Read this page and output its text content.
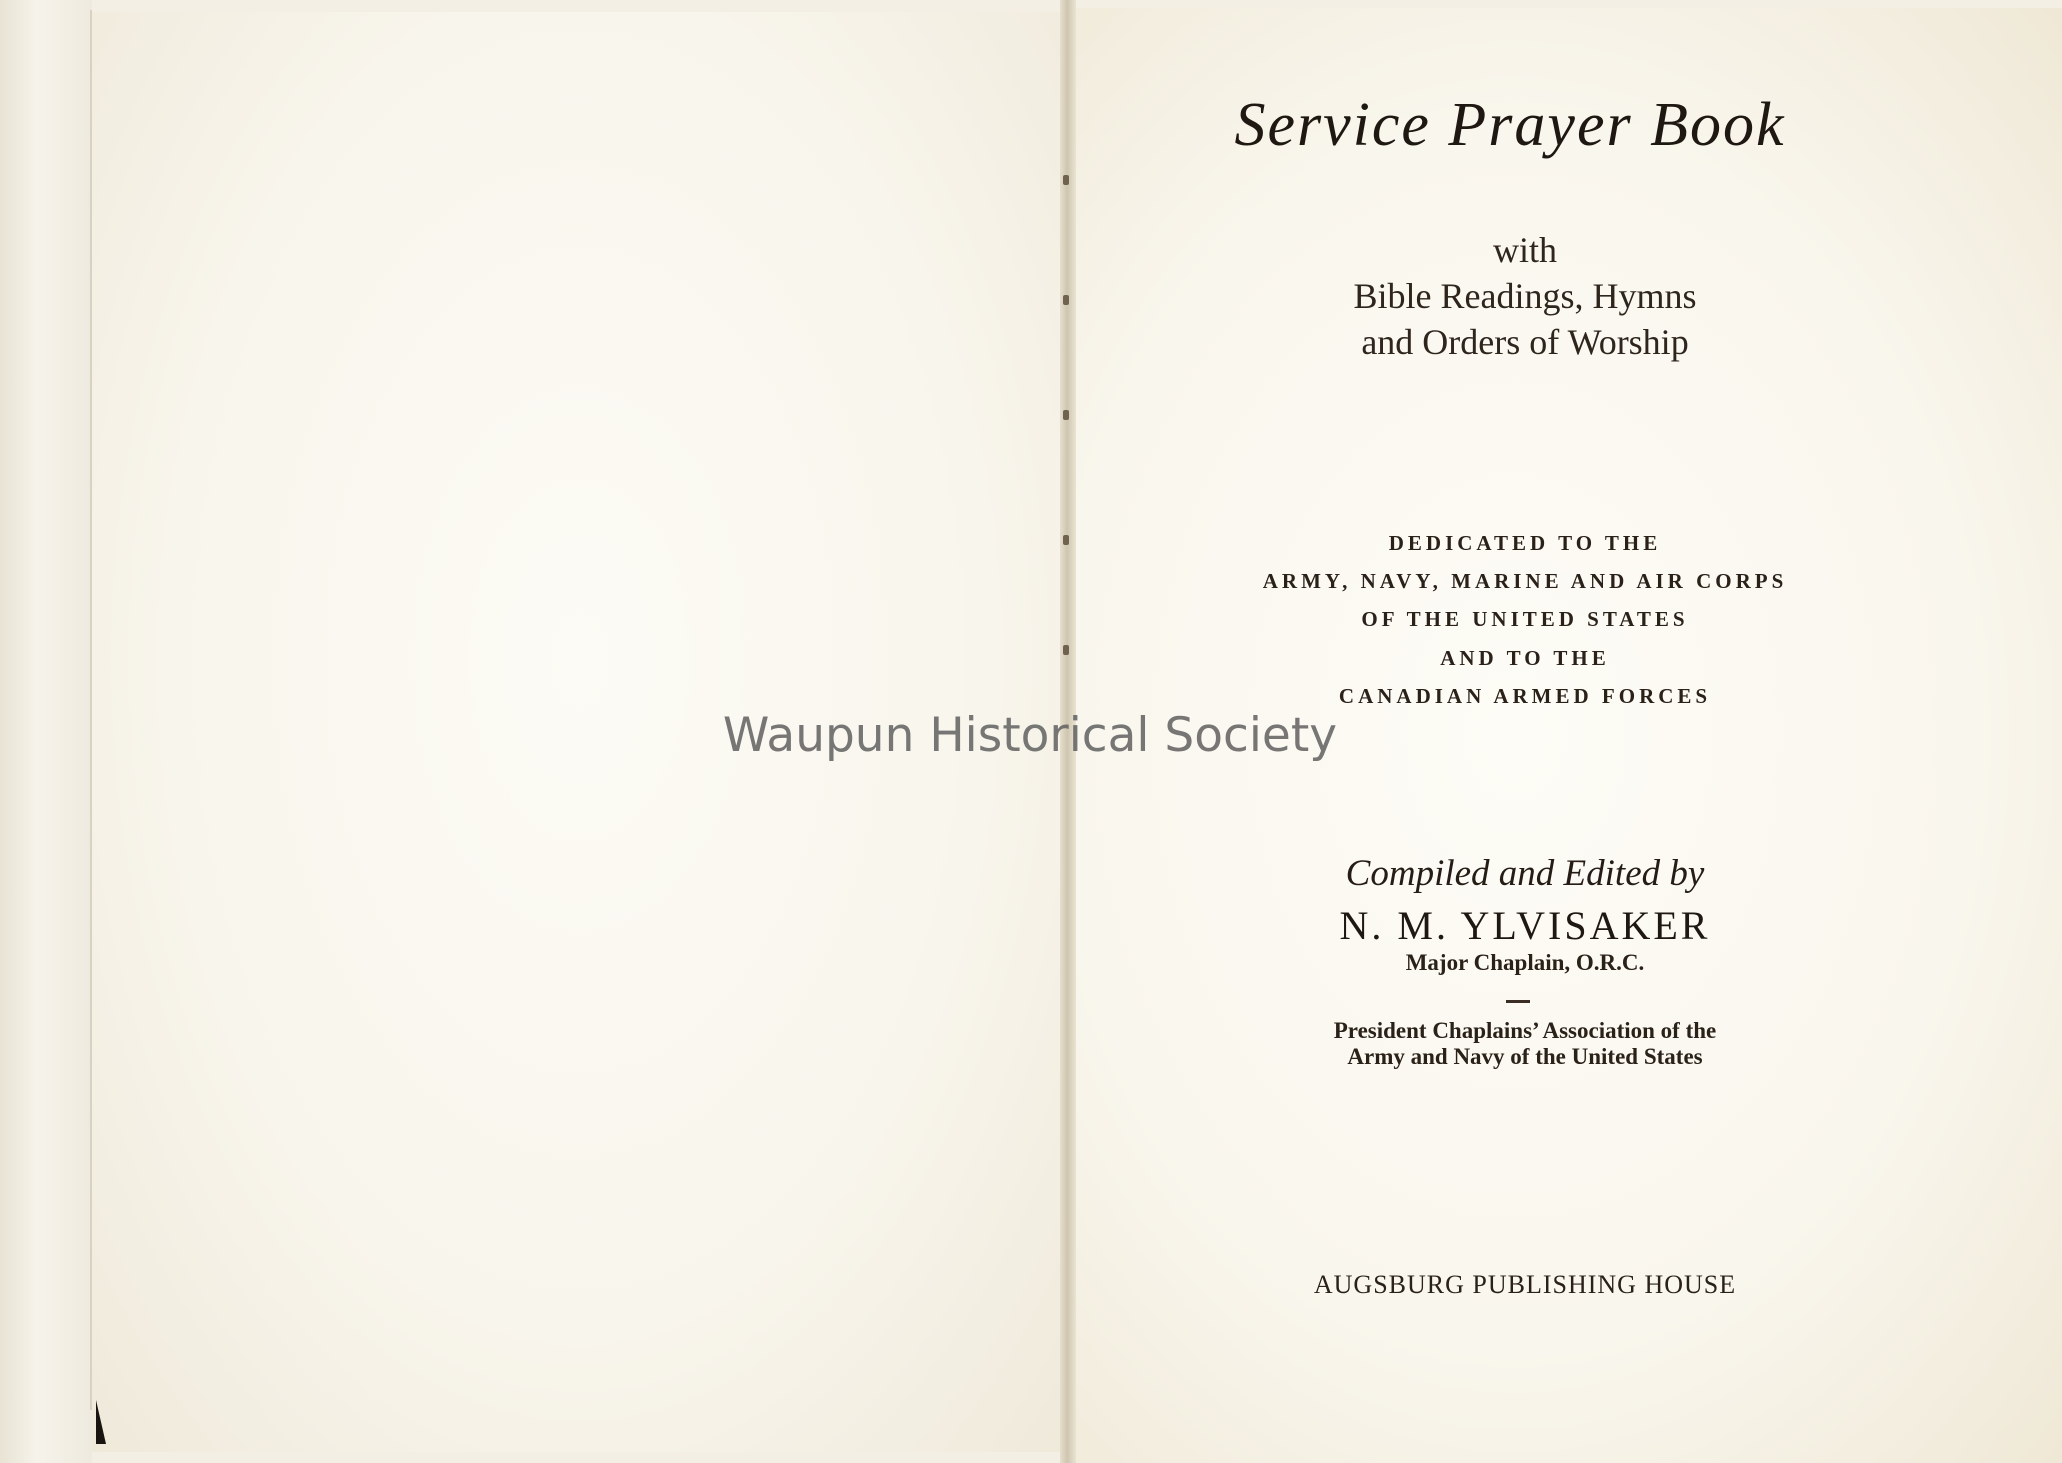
Service Prayer Book
with
Bible Readings, Hymns
and Orders of Worship
DEDICATED TO THE
ARMY, NAVY, MARINE AND AIR CORPS
OF THE UNITED STATES
AND TO THE
CANADIAN ARMED FORCES
Compiled and Edited by
N. M. YLVISAKER
Major Chaplain, O.R.C.
President Chaplains’ Association of the
Army and Navy of the United States
AUGSBURG PUBLISHING HOUSE
Waupun Historical Society
